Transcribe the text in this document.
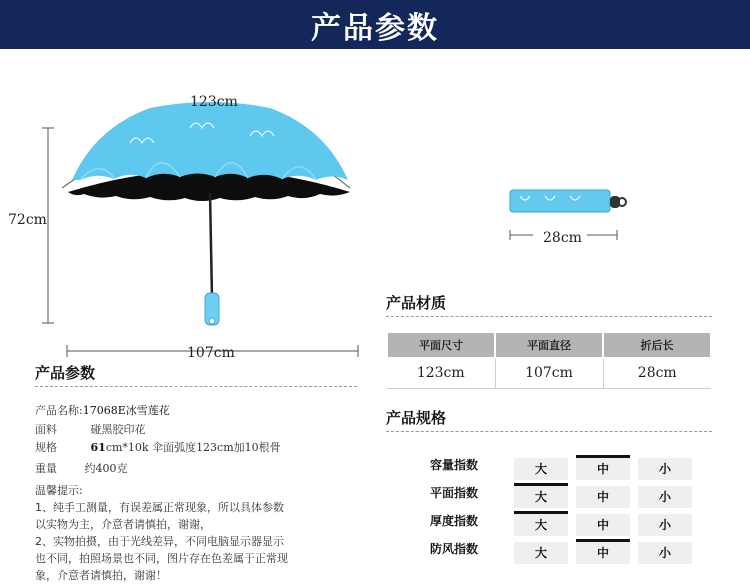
产品参数
123cm
72cm
107cm
28cm
产品材质
平面尺寸	平面直径	折后长
123cm	107cm	28cm
产品规格
容量指数	大	中	小
平面指数	大	中	小
厚度指数	大	中	小
防风指数	大	中	小
产品参数
产品名称:17068E冰雪莲花
面料	碰黑胶印花
规格	61cm*10k 伞面弧度123cm加10根骨
重量	约400克
温馨提示:
1、纯手工测量，有误差属正常现象，所以具体参数
以实物为主，介意者请慎拍，谢谢，
2、实物拍摄，由于光线差异，不同电脑显示器显示
也不同，拍照场景也不同，图片存在色差属于正常现
象，介意者请慎拍，谢谢！
